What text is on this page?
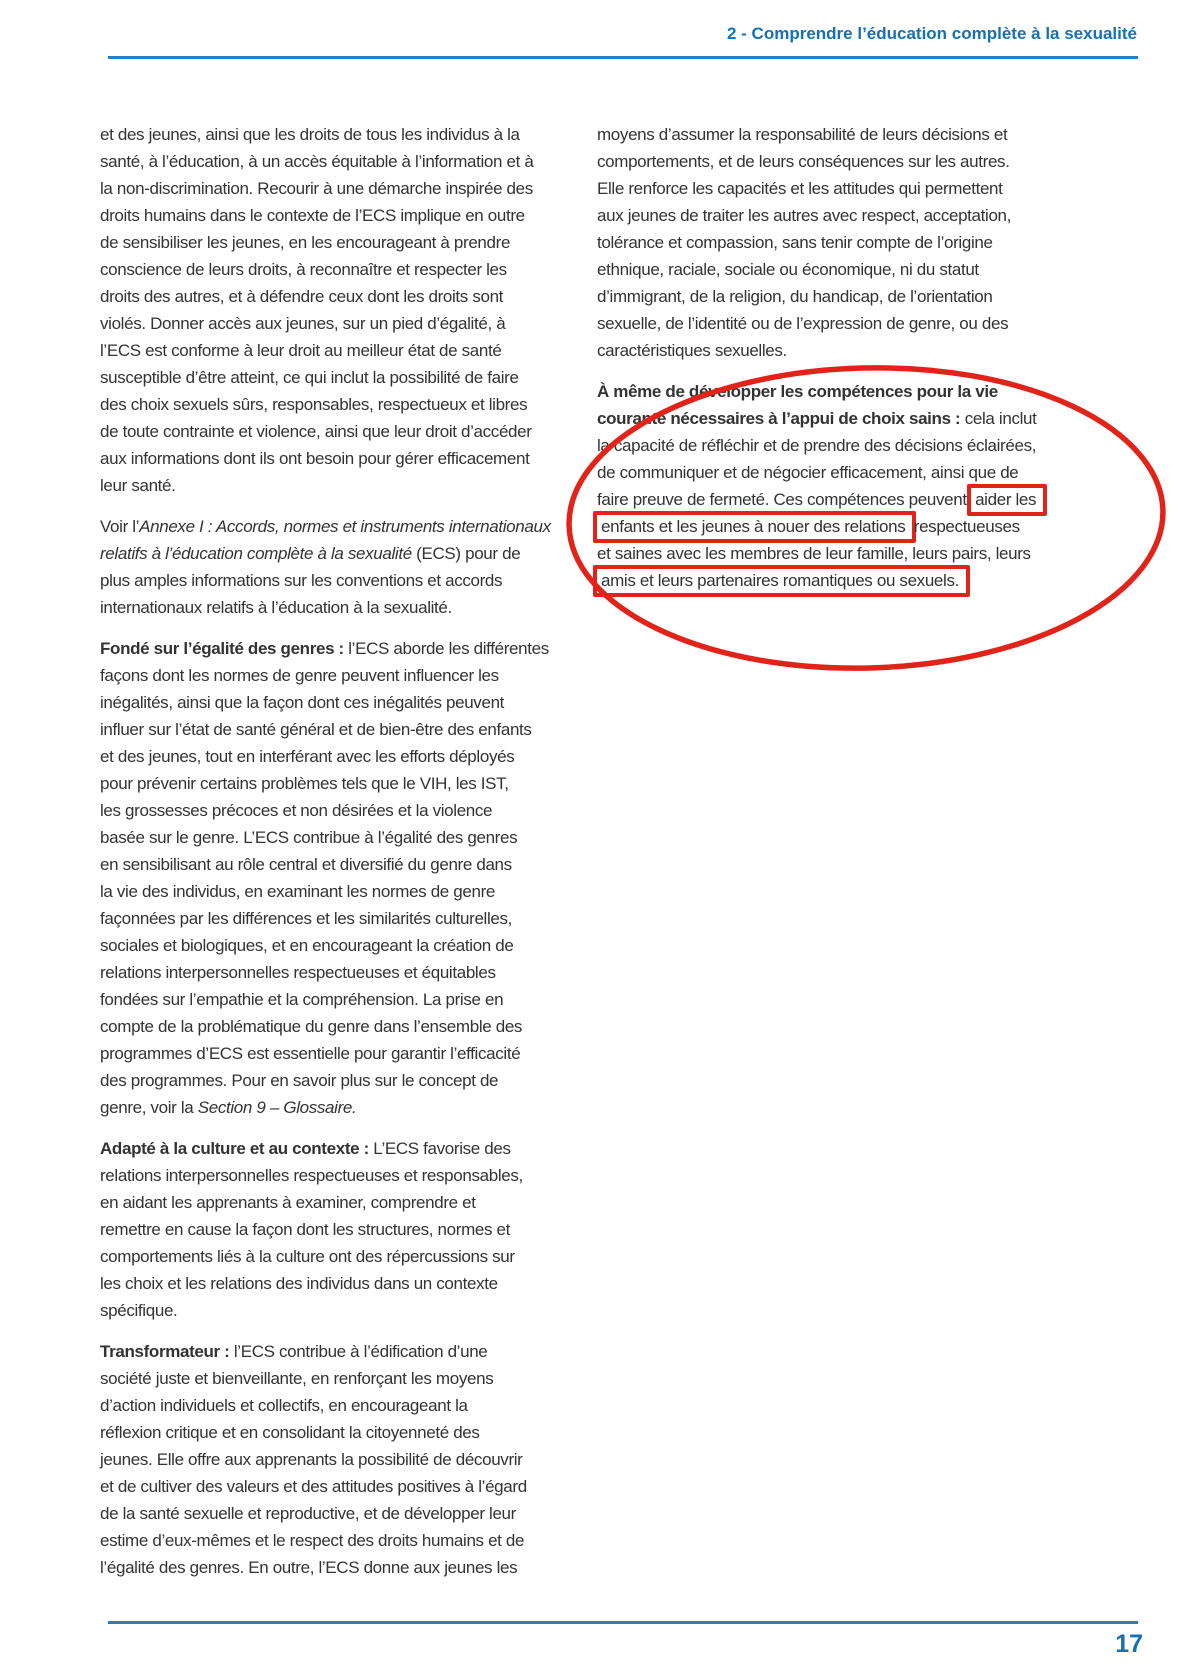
2 - Comprendre l’éducation complète à la sexualité
et des jeunes, ainsi que les droits de tous les individus à la
santé, à l’éducation, à un accès équitable à l’information et à
la non-discrimination. Recourir à une démarche inspirée des
droits humains dans le contexte de l’ECS implique en outre
de sensibiliser les jeunes, en les encourageant à prendre
conscience de leurs droits, à reconnaître et respecter les
droits des autres, et à défendre ceux dont les droits sont
violés. Donner accès aux jeunes, sur un pied d’égalité, à
l’ECS est conforme à leur droit au meilleur état de santé
susceptible d’être atteint, ce qui inclut la possibilité de faire
des choix sexuels sûrs, responsables, respectueux et libres
de toute contrainte et violence, ainsi que leur droit d’accéder
aux informations dont ils ont besoin pour gérer efficacement
leur santé.
Voir l’Annexe I : Accords, normes et instruments internationaux
relatifs à l’éducation complète à la sexualité (ECS) pour de
plus amples informations sur les conventions et accords
internationaux relatifs à l’éducation à la sexualité.
Fondé sur l’égalité des genres : l’ECS aborde les différentes
façons dont les normes de genre peuvent influencer les
inégalités, ainsi que la façon dont ces inégalités peuvent
influer sur l’état de santé général et de bien-être des enfants
et des jeunes, tout en interférant avec les efforts déployés
pour prévenir certains problèmes tels que le VIH, les IST,
les grossesses précoces et non désirées et la violence
basée sur le genre. L’ECS contribue à l’égalité des genres
en sensibilisant au rôle central et diversifié du genre dans
la vie des individus, en examinant les normes de genre
façonnées par les différences et les similarités culturelles,
sociales et biologiques, et en encourageant la création de
relations interpersonnelles respectueuses et équitables
fondées sur l’empathie et la compréhension. La prise en
compte de la problématique du genre dans l’ensemble des
programmes d’ECS est essentielle pour garantir l’efficacité
des programmes. Pour en savoir plus sur le concept de
genre, voir la Section 9 – Glossaire.
Adapté à la culture et au contexte : L’ECS favorise des
relations interpersonnelles respectueuses et responsables,
en aidant les apprenants à examiner, comprendre et
remettre en cause la façon dont les structures, normes et
comportements liés à la culture ont des répercussions sur
les choix et les relations des individus dans un contexte
spécifique.
Transformateur : l’ECS contribue à l’édification d’une
société juste et bienveillante, en renforçant les moyens
d’action individuels et collectifs, en encourageant la
réflexion critique et en consolidant la citoyenneté des
jeunes. Elle offre aux apprenants la possibilité de découvrir
et de cultiver des valeurs et des attitudes positives à l’égard
de la santé sexuelle et reproductive, et de développer leur
estime d’eux-mêmes et le respect des droits humains et de
l’égalité des genres. En outre, l’ECS donne aux jeunes les
moyens d’assumer la responsabilité de leurs décisions et
comportements, et de leurs conséquences sur les autres.
Elle renforce les capacités et les attitudes qui permettent
aux jeunes de traiter les autres avec respect, acceptation,
tolérance et compassion, sans tenir compte de l’origine
ethnique, raciale, sociale ou économique, ni du statut
d’immigrant, de la religion, du handicap, de l’orientation
sexuelle, de l’identité ou de l’expression de genre, ou des
caractéristiques sexuelles.
À même de développer les compétences pour la vie
courante nécessaires à l’appui de choix sains : cela inclut
la capacité de réfléchir et de prendre des décisions éclairées,
de communiquer et de négocier efficacement, ainsi que de
faire preuve de fermeté. Ces compétences peuvent aider les
enfants et les jeunes à nouer des relations respectueuses
et saines avec les membres de leur famille, leurs pairs, leurs
amis et leurs partenaires romantiques ou sexuels.
17
